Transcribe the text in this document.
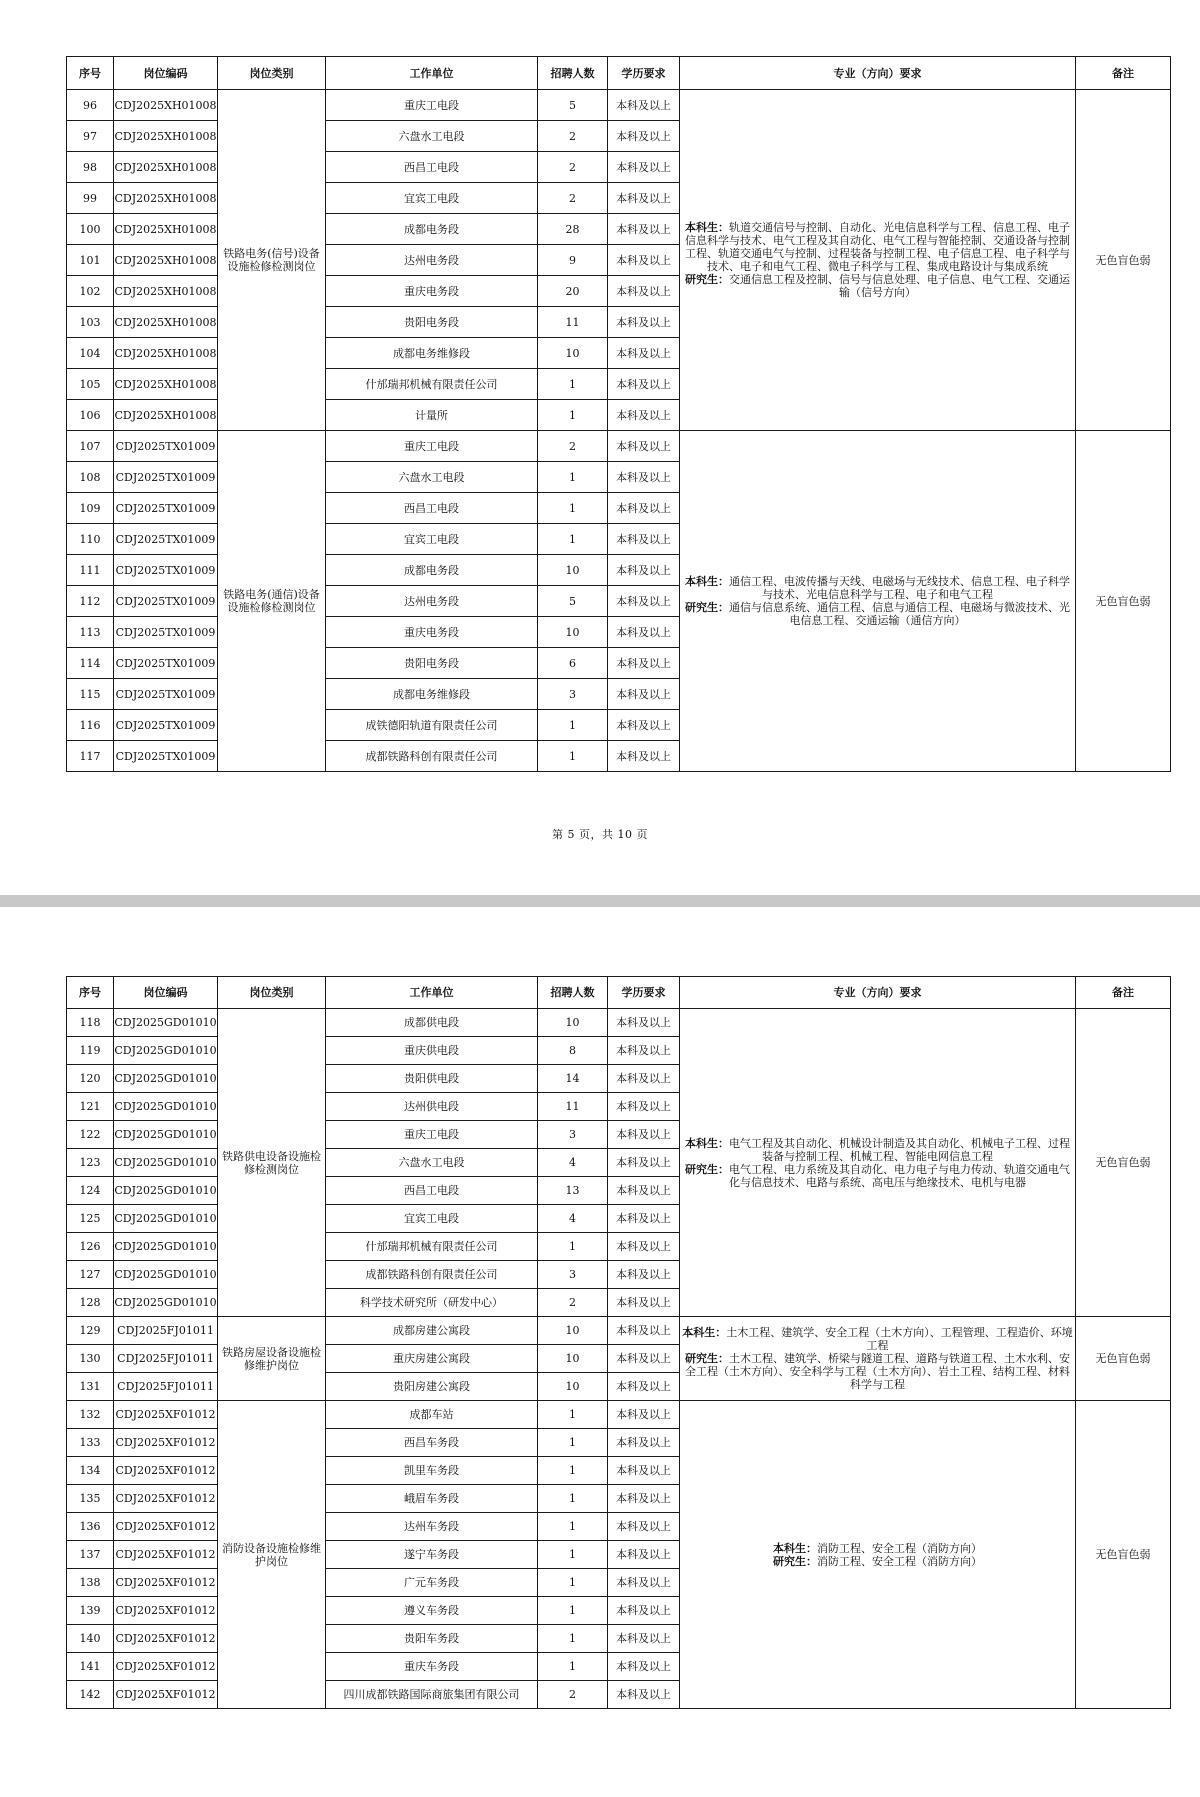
序号	岗位编码	岗位类别	工作单位	招聘人数	学历要求	专业（方向）要求	备注
96	CDJ2025XH01008	铁路电务(信号)设备设施检修检测岗位	重庆工电段	5	本科及以上	本科生：轨道交通信号与控制、自动化、光电信息科学与工程、信息工程、电子信息科学与技术、电气工程及其自动化、电气工程与智能控制、交通设备与控制工程、轨道交通电气与控制、过程装备与控制工程、电子信息工程、电子科学与技术、电子和电气工程、微电子科学与工程、集成电路设计与集成系统
研究生：交通信息工程及控制、信号与信息处理、电子信息、电气工程、交通运输（信号方向）	无色盲色弱
97	CDJ2025XH01008		六盘水工电段	2	本科及以上		
98	CDJ2025XH01008		西昌工电段	2	本科及以上		
99	CDJ2025XH01008		宜宾工电段	2	本科及以上		
100	CDJ2025XH01008		成都电务段	28	本科及以上		
101	CDJ2025XH01008		达州电务段	9	本科及以上		
102	CDJ2025XH01008		重庆电务段	20	本科及以上		
103	CDJ2025XH01008		贵阳电务段	11	本科及以上		
104	CDJ2025XH01008		成都电务维修段	10	本科及以上		
105	CDJ2025XH01008		什邡瑞邦机械有限责任公司	1	本科及以上		
106	CDJ2025XH01008		计量所	1	本科及以上		
107	CDJ2025TX01009	铁路电务(通信)设备设施检修检测岗位	重庆工电段	2	本科及以上	本科生：通信工程、电波传播与天线、电磁场与无线技术、信息工程、电子科学与技术、光电信息科学与工程、电子和电气工程
研究生：通信与信息系统、通信工程、信息与通信工程、电磁场与微波技术、光电信息工程、交通运输（通信方向）	无色盲色弱
108	CDJ2025TX01009		六盘水工电段	1	本科及以上		
109	CDJ2025TX01009		西昌工电段	1	本科及以上		
110	CDJ2025TX01009		宜宾工电段	1	本科及以上		
111	CDJ2025TX01009		成都电务段	10	本科及以上		
112	CDJ2025TX01009		达州电务段	5	本科及以上		
113	CDJ2025TX01009		重庆电务段	10	本科及以上		
114	CDJ2025TX01009		贵阳电务段	6	本科及以上		
115	CDJ2025TX01009		成都电务维修段	3	本科及以上		
116	CDJ2025TX01009		成铁德阳轨道有限责任公司	1	本科及以上		
117	CDJ2025TX01009		成都铁路科创有限责任公司	1	本科及以上		
第 5 页，共 10 页
序号	岗位编码	岗位类别	工作单位	招聘人数	学历要求	专业（方向）要求	备注
118	CDJ2025GD01010	铁路供电设备设施检修检测岗位	成都供电段	10	本科及以上	本科生：电气工程及其自动化、机械设计制造及其自动化、机械电子工程、过程装备与控制工程、机械工程、智能电网信息工程
研究生：电气工程、电力系统及其自动化、电力电子与电力传动、轨道交通电气化与信息技术、电路与系统、高电压与绝缘技术、电机与电器	无色盲色弱
119	CDJ2025GD01010		重庆供电段	8	本科及以上		
120	CDJ2025GD01010		贵阳供电段	14	本科及以上		
121	CDJ2025GD01010		达州供电段	11	本科及以上		
122	CDJ2025GD01010		重庆工电段	3	本科及以上		
123	CDJ2025GD01010		六盘水工电段	4	本科及以上		
124	CDJ2025GD01010		西昌工电段	13	本科及以上		
125	CDJ2025GD01010		宜宾工电段	4	本科及以上		
126	CDJ2025GD01010		什邡瑞邦机械有限责任公司	1	本科及以上		
127	CDJ2025GD01010		成都铁路科创有限责任公司	3	本科及以上		
128	CDJ2025GD01010		科学技术研究所（研发中心）	2	本科及以上		
129	CDJ2025FJ01011	铁路房屋设备设施检修维护岗位	成都房建公寓段	10	本科及以上	本科生：土木工程、建筑学、安全工程（土木方向）、工程管理、工程造价、环境工程
研究生：土木工程、建筑学、桥梁与隧道工程、道路与铁道工程、土木水利、安全工程（土木方向）、安全科学与工程（土木方向）、岩土工程、结构工程、材料科学与工程	无色盲色弱
130	CDJ2025FJ01011		重庆房建公寓段	10	本科及以上		
131	CDJ2025FJ01011		贵阳房建公寓段	10	本科及以上		
132	CDJ2025XF01012	消防设备设施检修维护岗位	成都车站	1	本科及以上	本科生：消防工程、安全工程（消防方向）
研究生：消防工程、安全工程（消防方向）	无色盲色弱
133	CDJ2025XF01012		西昌车务段	1	本科及以上		
134	CDJ2025XF01012		凯里车务段	1	本科及以上		
135	CDJ2025XF01012		峨眉车务段	1	本科及以上		
136	CDJ2025XF01012		达州车务段	1	本科及以上		
137	CDJ2025XF01012		遂宁车务段	1	本科及以上		
138	CDJ2025XF01012		广元车务段	1	本科及以上		
139	CDJ2025XF01012		遵义车务段	1	本科及以上		
140	CDJ2025XF01012		贵阳车务段	1	本科及以上		
141	CDJ2025XF01012		重庆车务段	1	本科及以上		
142	CDJ2025XF01012		四川成都铁路国际商旅集团有限公司	2	本科及以上		
